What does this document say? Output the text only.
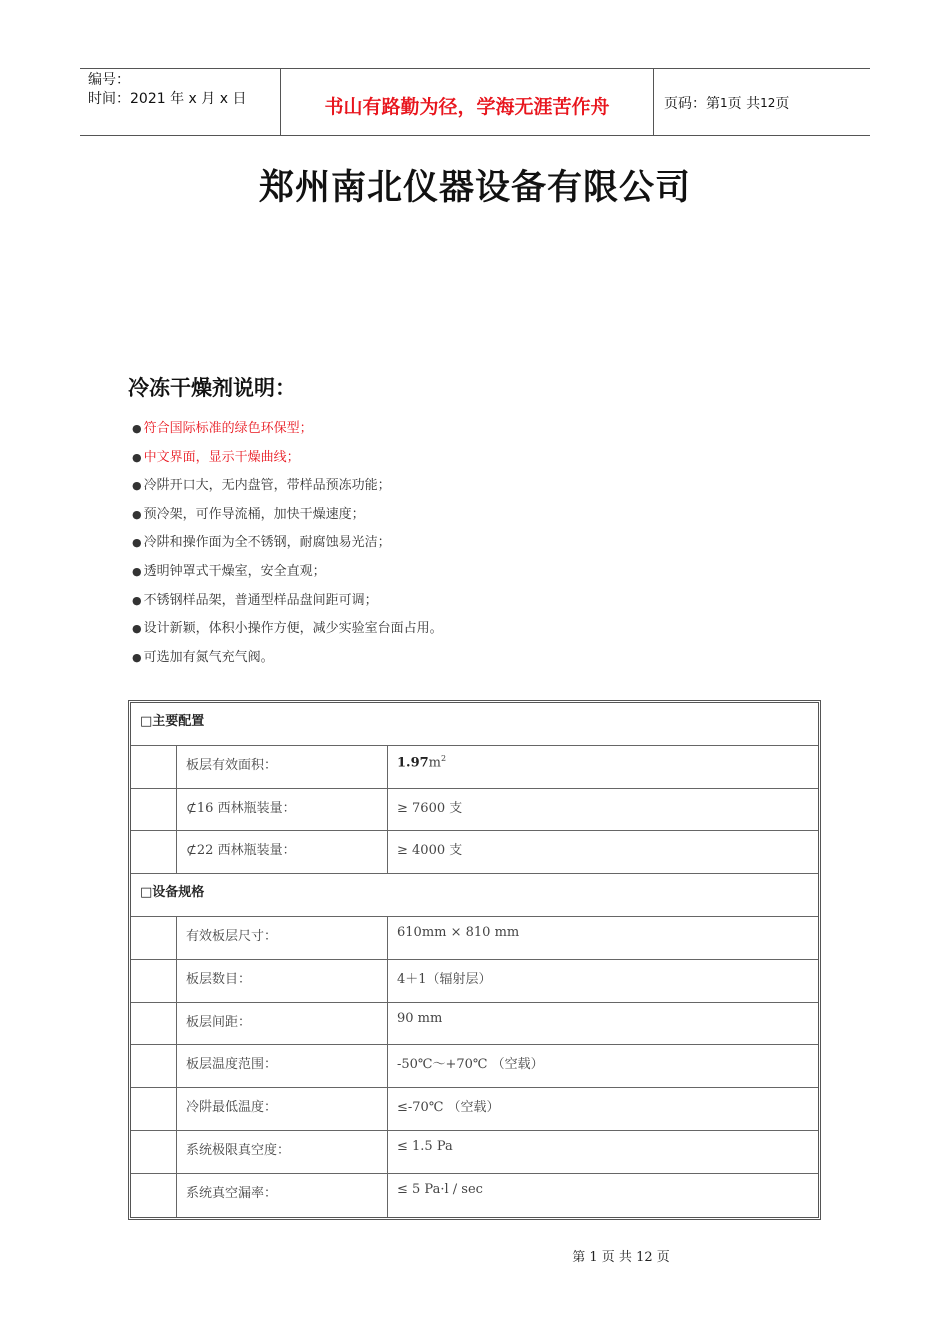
编号：
时间：2021 年 x 月 x 日	书山有路勤为径，学海无涯苦作舟	页码：第 1 页 共 12 页
郑州南北仪器设备有限公司
冷冻干燥剂说明：
● 符合国际标准的绿色环保型；
● 中文界面，显示干燥曲线；
● 冷阱开口大，无内盘管，带样品预冻功能；
● 预冷架，可作导流桶，加快干燥速度；
● 冷阱和操作面为全不锈钢，耐腐蚀易光洁；
● 透明钟罩式干燥室，安全直观；
● 不锈钢样品架，普通型样品盘间距可调；
● 设计新颖，体积小操作方便，减少实验室台面占用。
● 可选加有氮气充气阀。
□主要配置
板层有效面积：	$1.97m^2$
⊄16 西林瓶装量：	≥ 7600 支
⊄22 西林瓶装量：	≥ 4000 支
□设备规格
有效板层尺寸：	610mm × 810 mm
板层数目：	4＋1（辐射层）
板层间距：	90 mm
板层温度范围：	-50℃～+70℃ （空载）
冷阱最低温度：	≤-70℃ （空载）
系统极限真空度：	≤ 1.5 Pa
系统真空漏率：	≤ 5 Pa·l / sec
第 1 页 共 12 页
